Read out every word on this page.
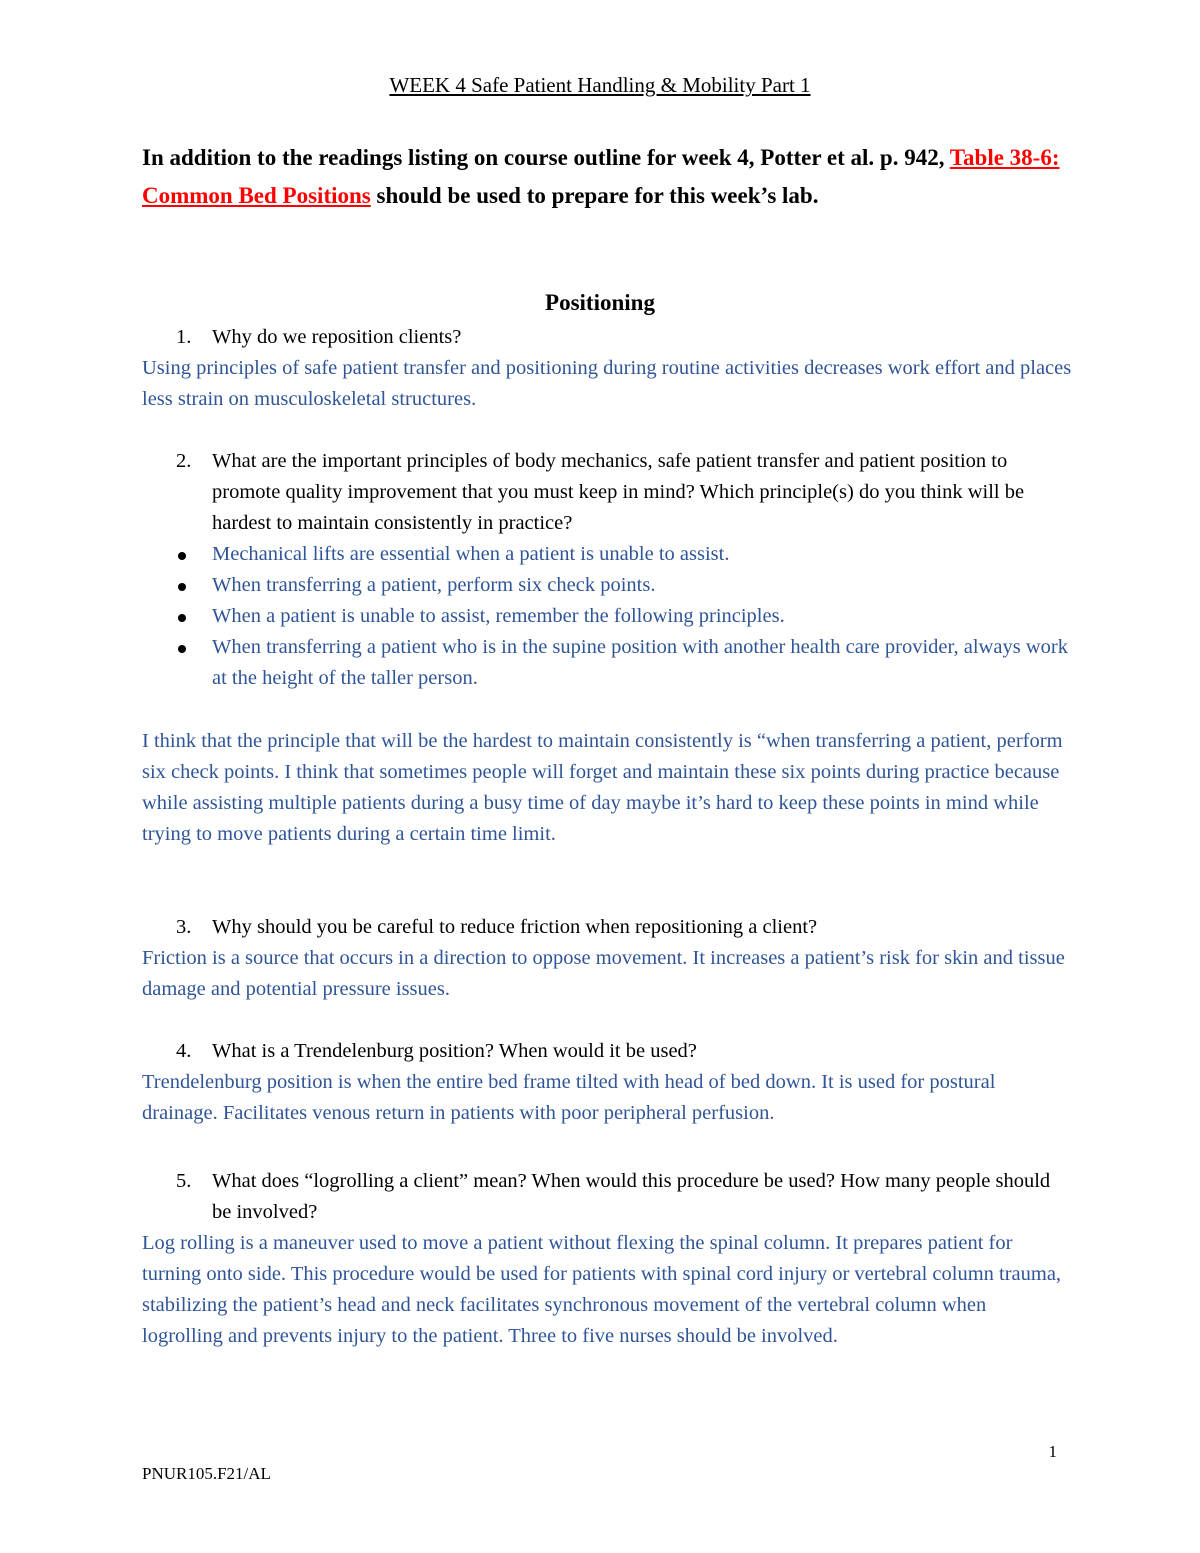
WEEK 4 Safe Patient Handling & Mobility Part 1
In addition to the readings listing on course outline for week 4, Potter et al. p. 942, Table 38-6: Common Bed Positions should be used to prepare for this week’s lab.
Positioning
1. Why do we reposition clients?
Using principles of safe patient transfer and positioning during routine activities decreases work effort and places less strain on musculoskeletal structures.
2. What are the important principles of body mechanics, safe patient transfer and patient position to promote quality improvement that you must keep in mind? Which principle(s) do you think will be hardest to maintain consistently in practice?
Mechanical lifts are essential when a patient is unable to assist.
When transferring a patient, perform six check points.
When a patient is unable to assist, remember the following principles.
When transferring a patient who is in the supine position with another health care provider, always work at the height of the taller person.
I think that the principle that will be the hardest to maintain consistently is “when transferring a patient, perform six check points. I think that sometimes people will forget and maintain these six points during practice because while assisting multiple patients during a busy time of day maybe it’s hard to keep these points in mind while trying to move patients during a certain time limit.
3. Why should you be careful to reduce friction when repositioning a client?
Friction is a source that occurs in a direction to oppose movement. It increases a patient’s risk for skin and tissue damage and potential pressure issues.
4. What is a Trendelenburg position? When would it be used?
Trendelenburg position is when the entire bed frame tilted with head of bed down. It is used for postural drainage. Facilitates venous return in patients with poor peripheral perfusion.
5. What does “logrolling a client” mean? When would this procedure be used? How many people should be involved?
Log rolling is a maneuver used to move a patient without flexing the spinal column. It prepares patient for turning onto side. This procedure would be used for patients with spinal cord injury or vertebral column trauma, stabilizing the patient’s head and neck facilitates synchronous movement of the vertebral column when logrolling and prevents injury to the patient. Three to five nurses should be involved.
1
PNUR105.F21/AL
